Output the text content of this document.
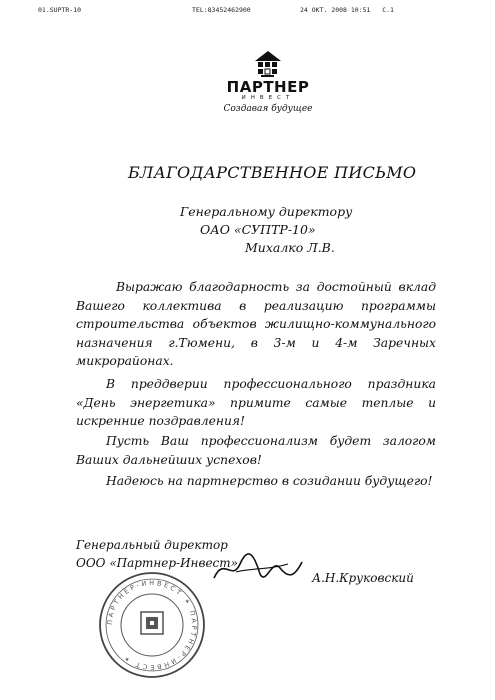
01.SUPTR-10	TEL:83452462900	24 OKT. 2008 10:51 C.1
ПАРТНЕР
ИНВЕСТ
Создавая будущее
БЛАГОДАРСТВЕННОЕ ПИСЬМО
Генеральному директору
ОАО «СУПТР-10»
Михалко Л.В.
Выражаю благодарность за достойный вклад Вашего коллектива в реализацию программы строительства объектов жилищно-коммунального назначения г.Тюмени, в 3-м и 4-м Заречных микрорайонах.
В преддверии профессионального праздника «День энергетика» примите самые теплые и искренние поздравления!
Пусть Ваш профессионализм будет залогом Ваших дальнейших успехов!
Надеюсь на партнерство в созидании будущего!
Генеральный директор
ООО «Партнер-Инвест»
А.Н.Круковский
ПАРТНЕР-ИНВЕСТ ✶ ПАРТНЕР-ИНВЕСТ ✶
